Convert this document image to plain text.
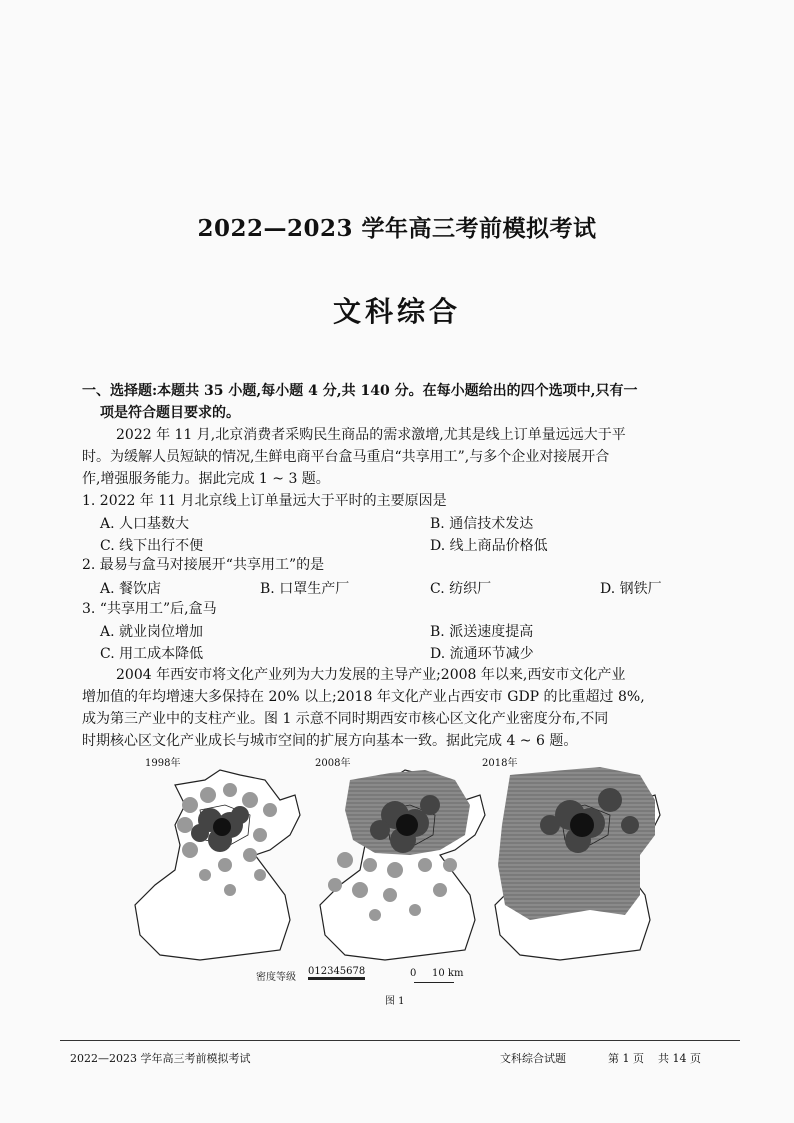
2022—2023 学年高三考前模拟考试
文科综合
一、选择题:本题共 35 小题,每小题 4 分,共 140 分。在每小题给出的四个选项中,只有一
项是符合题目要求的。
2022 年 11 月,北京消费者采购民生商品的需求激增,尤其是线上订单量远远大于平
时。为缓解人员短缺的情况,生鲜电商平台盒马重启“共享用工”,与多个企业对接展开合
作,增强服务能力。据此完成 1 ~ 3 题。
1. 2022 年 11 月北京线上订单量远大于平时的主要原因是
A. 人口基数大	B. 通信技术发达
C. 线下出行不便	D. 线上商品价格低
2. 最易与盒马对接展开“共享用工”的是
A. 餐饮店	B. 口罩生产厂	C. 纺织厂	D. 钢铁厂
3. “共享用工”后,盒马
A. 就业岗位增加	B. 派送速度提高
C. 用工成本降低	D. 流通环节减少
2004 年西安市将文化产业列为大力发展的主导产业;2008 年以来,西安市文化产业
增加值的年均增速大多保持在 20% 以上;2018 年文化产业占西安市 GDP 的比重超过 8%,
成为第三产业中的支柱产业。图 1 示意不同时期西安市核心区文化产业密度分布,不同
时期核心区文化产业成长与城市空间的扩展方向基本一致。据此完成 4 ~ 6 题。
1998年	2008年	2018年
密度等级
012345678	0 10 km
图 1
2022—2023 学年高三考前模拟考试	文科综合试题	第 1 页 共 14 页
